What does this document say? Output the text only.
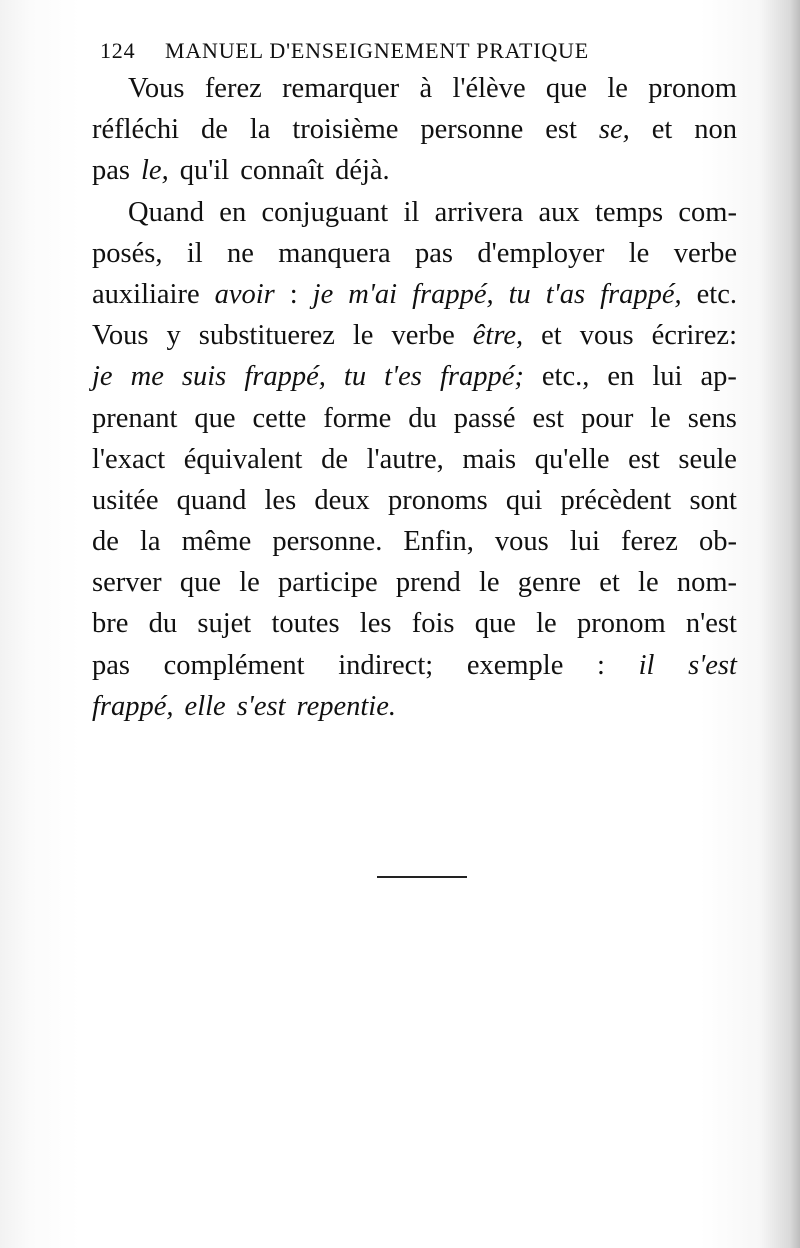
124	MANUEL D'ENSEIGNEMENT PRATIQUE
Vous ferez remarquer à l'élève que le pronom
réfléchi de la troisième personne est se, et non
pas le, qu'il connaît déjà.
Quand en conjuguant il arrivera aux temps com-
posés, il ne manquera pas d'employer le verbe
auxiliaire avoir : je m'ai frappé, tu t'as frappé, etc.
Vous y substituerez le verbe être, et vous écrirez:
je me suis frappé, tu t'es frappé; etc., en lui ap-
prenant que cette forme du passé est pour le sens
l'exact équivalent de l'autre, mais qu'elle est seule
usitée quand les deux pronoms qui précèdent sont
de la même personne. Enfin, vous lui ferez ob-
server que le participe prend le genre et le nom-
bre du sujet toutes les fois que le pronom n'est
pas complément indirect; exemple : il s'est
frappé, elle s'est repentie.
